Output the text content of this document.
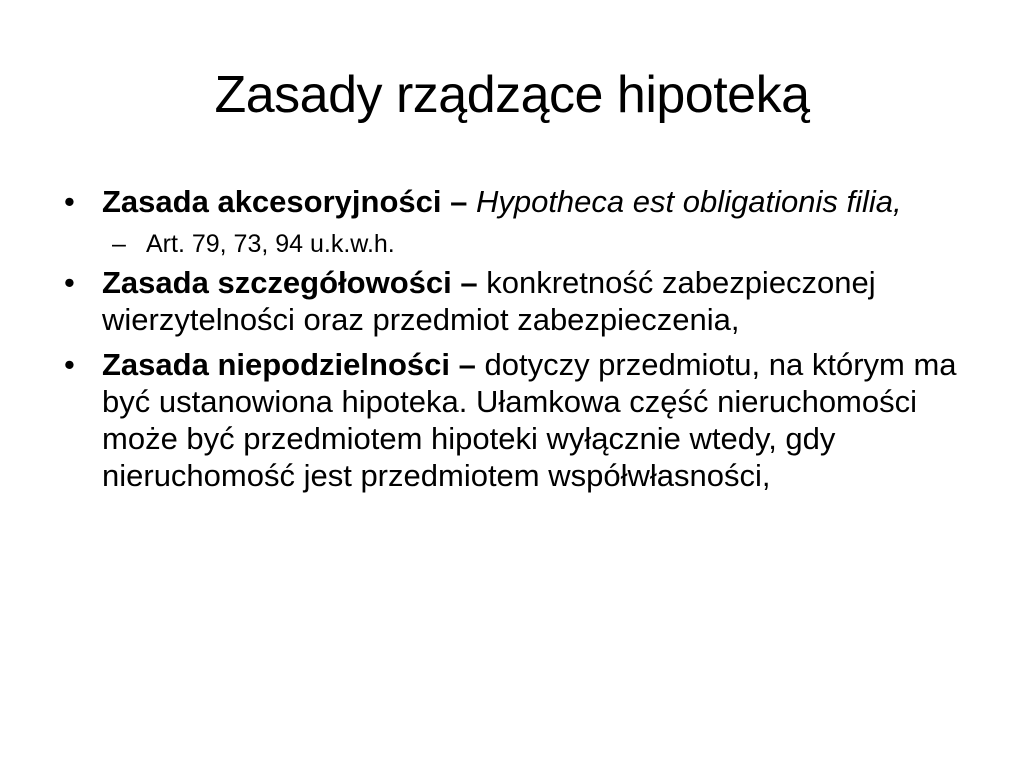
Zasady rządzące hipoteką
• Zasada akcesoryjności – Hypotheca est obligationis filia,
– Art. 79, 73, 94 u.k.w.h.
• Zasada szczegółowości – konkretność zabezpieczonej wierzytelności oraz przedmiot zabezpieczenia,
• Zasada niepodzielności – dotyczy przedmiotu, na którym ma być ustanowiona hipoteka. Ułamkowa część nieruchomości może być przedmiotem hipoteki wyłącznie wtedy, gdy nieruchomość jest przedmiotem współwłasności,
